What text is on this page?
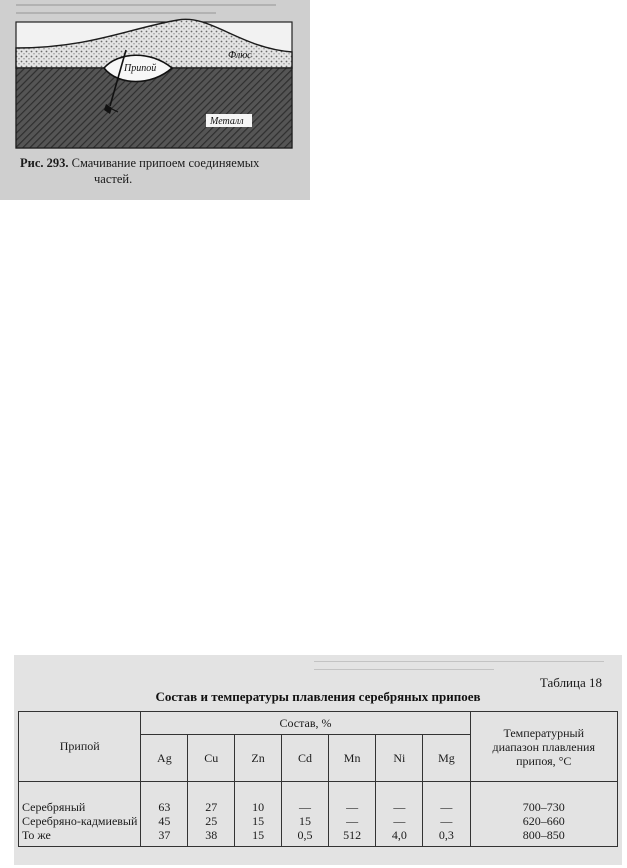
Флюс
Припой
Металл
Рис. 293. Смачивание припоем соединяемых
частей.
Таблица 18
Состав и температуры плавления серебряных припоев
Припой	Состав, %							Температурный
диапазон плавления
припоя, °С
	Ag	Cu	Zn	Cd	Mn	Ni	Mg	
Серебряный	63	27	10	—	—	—	—	700–730
Серебряно-кадмиевый	45	25	15	15	—	—	—	620–660
То же	37	38	15	0,5	512	4,0	0,3	800–850
